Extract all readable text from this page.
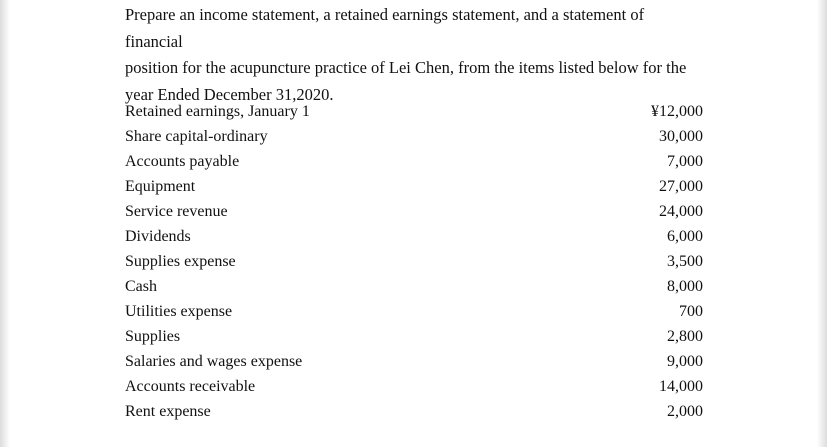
Prepare an income statement, a retained earnings statement, and a statement of financial
position for the acupuncture practice of Lei Chen, from the items listed below for the
year Ended December 31,2020.

Retained earnings, January 1	¥12,000
Share capital-ordinary	30,000
Accounts payable	7,000
Equipment	27,000
Service revenue	24,000
Dividends	6,000
Supplies expense	3,500
Cash	8,000
Utilities expense	700
Supplies	2,800
Salaries and wages expense	9,000
Accounts receivable	14,000
Rent expense	2,000
